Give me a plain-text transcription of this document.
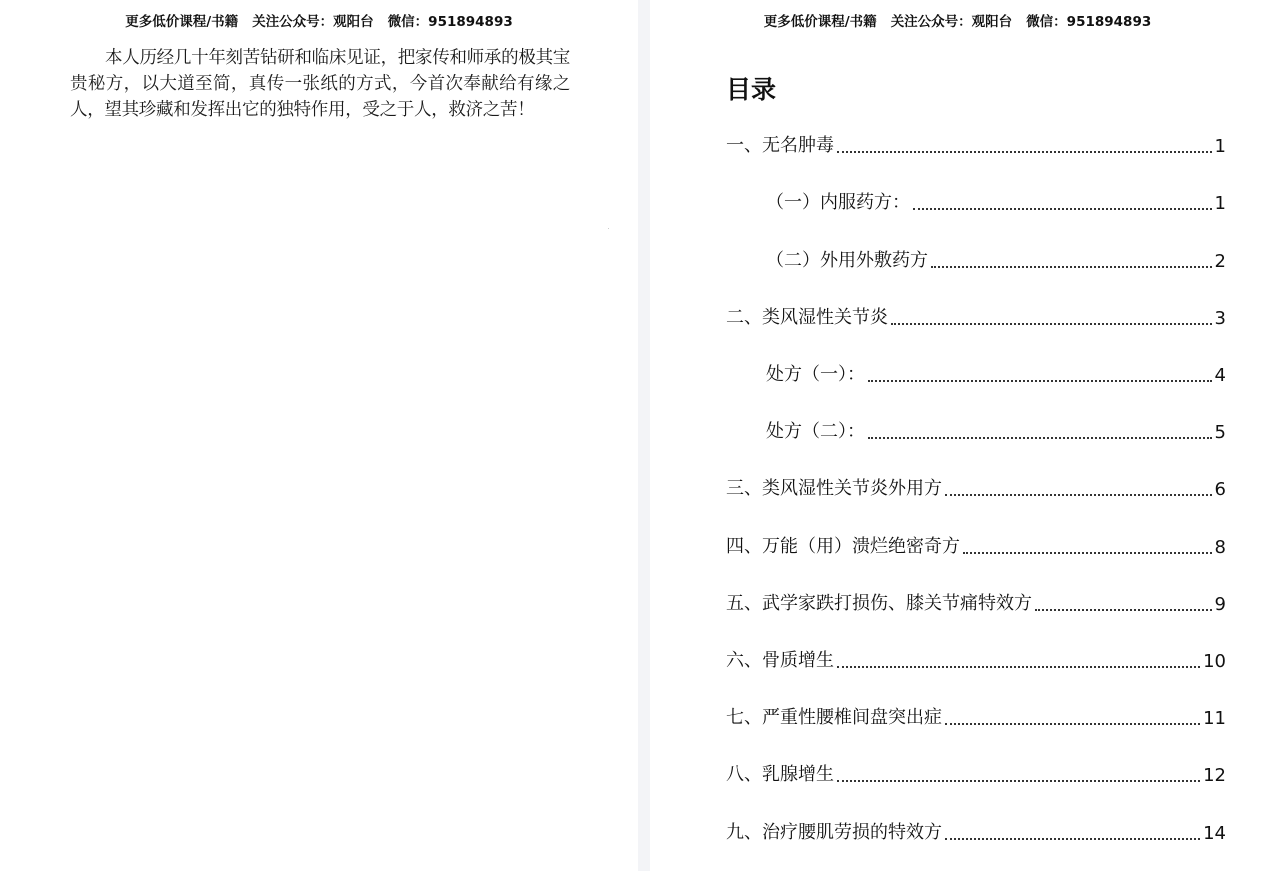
更多低价课程/书籍 关注公众号：观阳台 微信：951894893

本人历经几十年刻苦钻研和临床见证，把家传和师承的极其宝贵秘方，以大道至简，真传一张纸的方式，今首次奉献给有缘之人，望其珍藏和发挥出它的独特作用，受之于人，救济之苦！

更多低价课程/书籍 关注公众号：观阳台 微信：951894893
目录
一、无名肿毒	1
（一）内服药方：	1
（二）外用外敷药方	2
二、类风湿性关节炎	3
处方（一）：	4
处方（二）：	5
三、类风湿性关节炎外用方	6
四、万能（用）溃烂绝密奇方	8
五、武学家跌打损伤、膝关节痛特效方	9
六、骨质增生	10
七、严重性腰椎间盘突出症	11
八、乳腺增生	12
九、治疗腰肌劳损的特效方	14
